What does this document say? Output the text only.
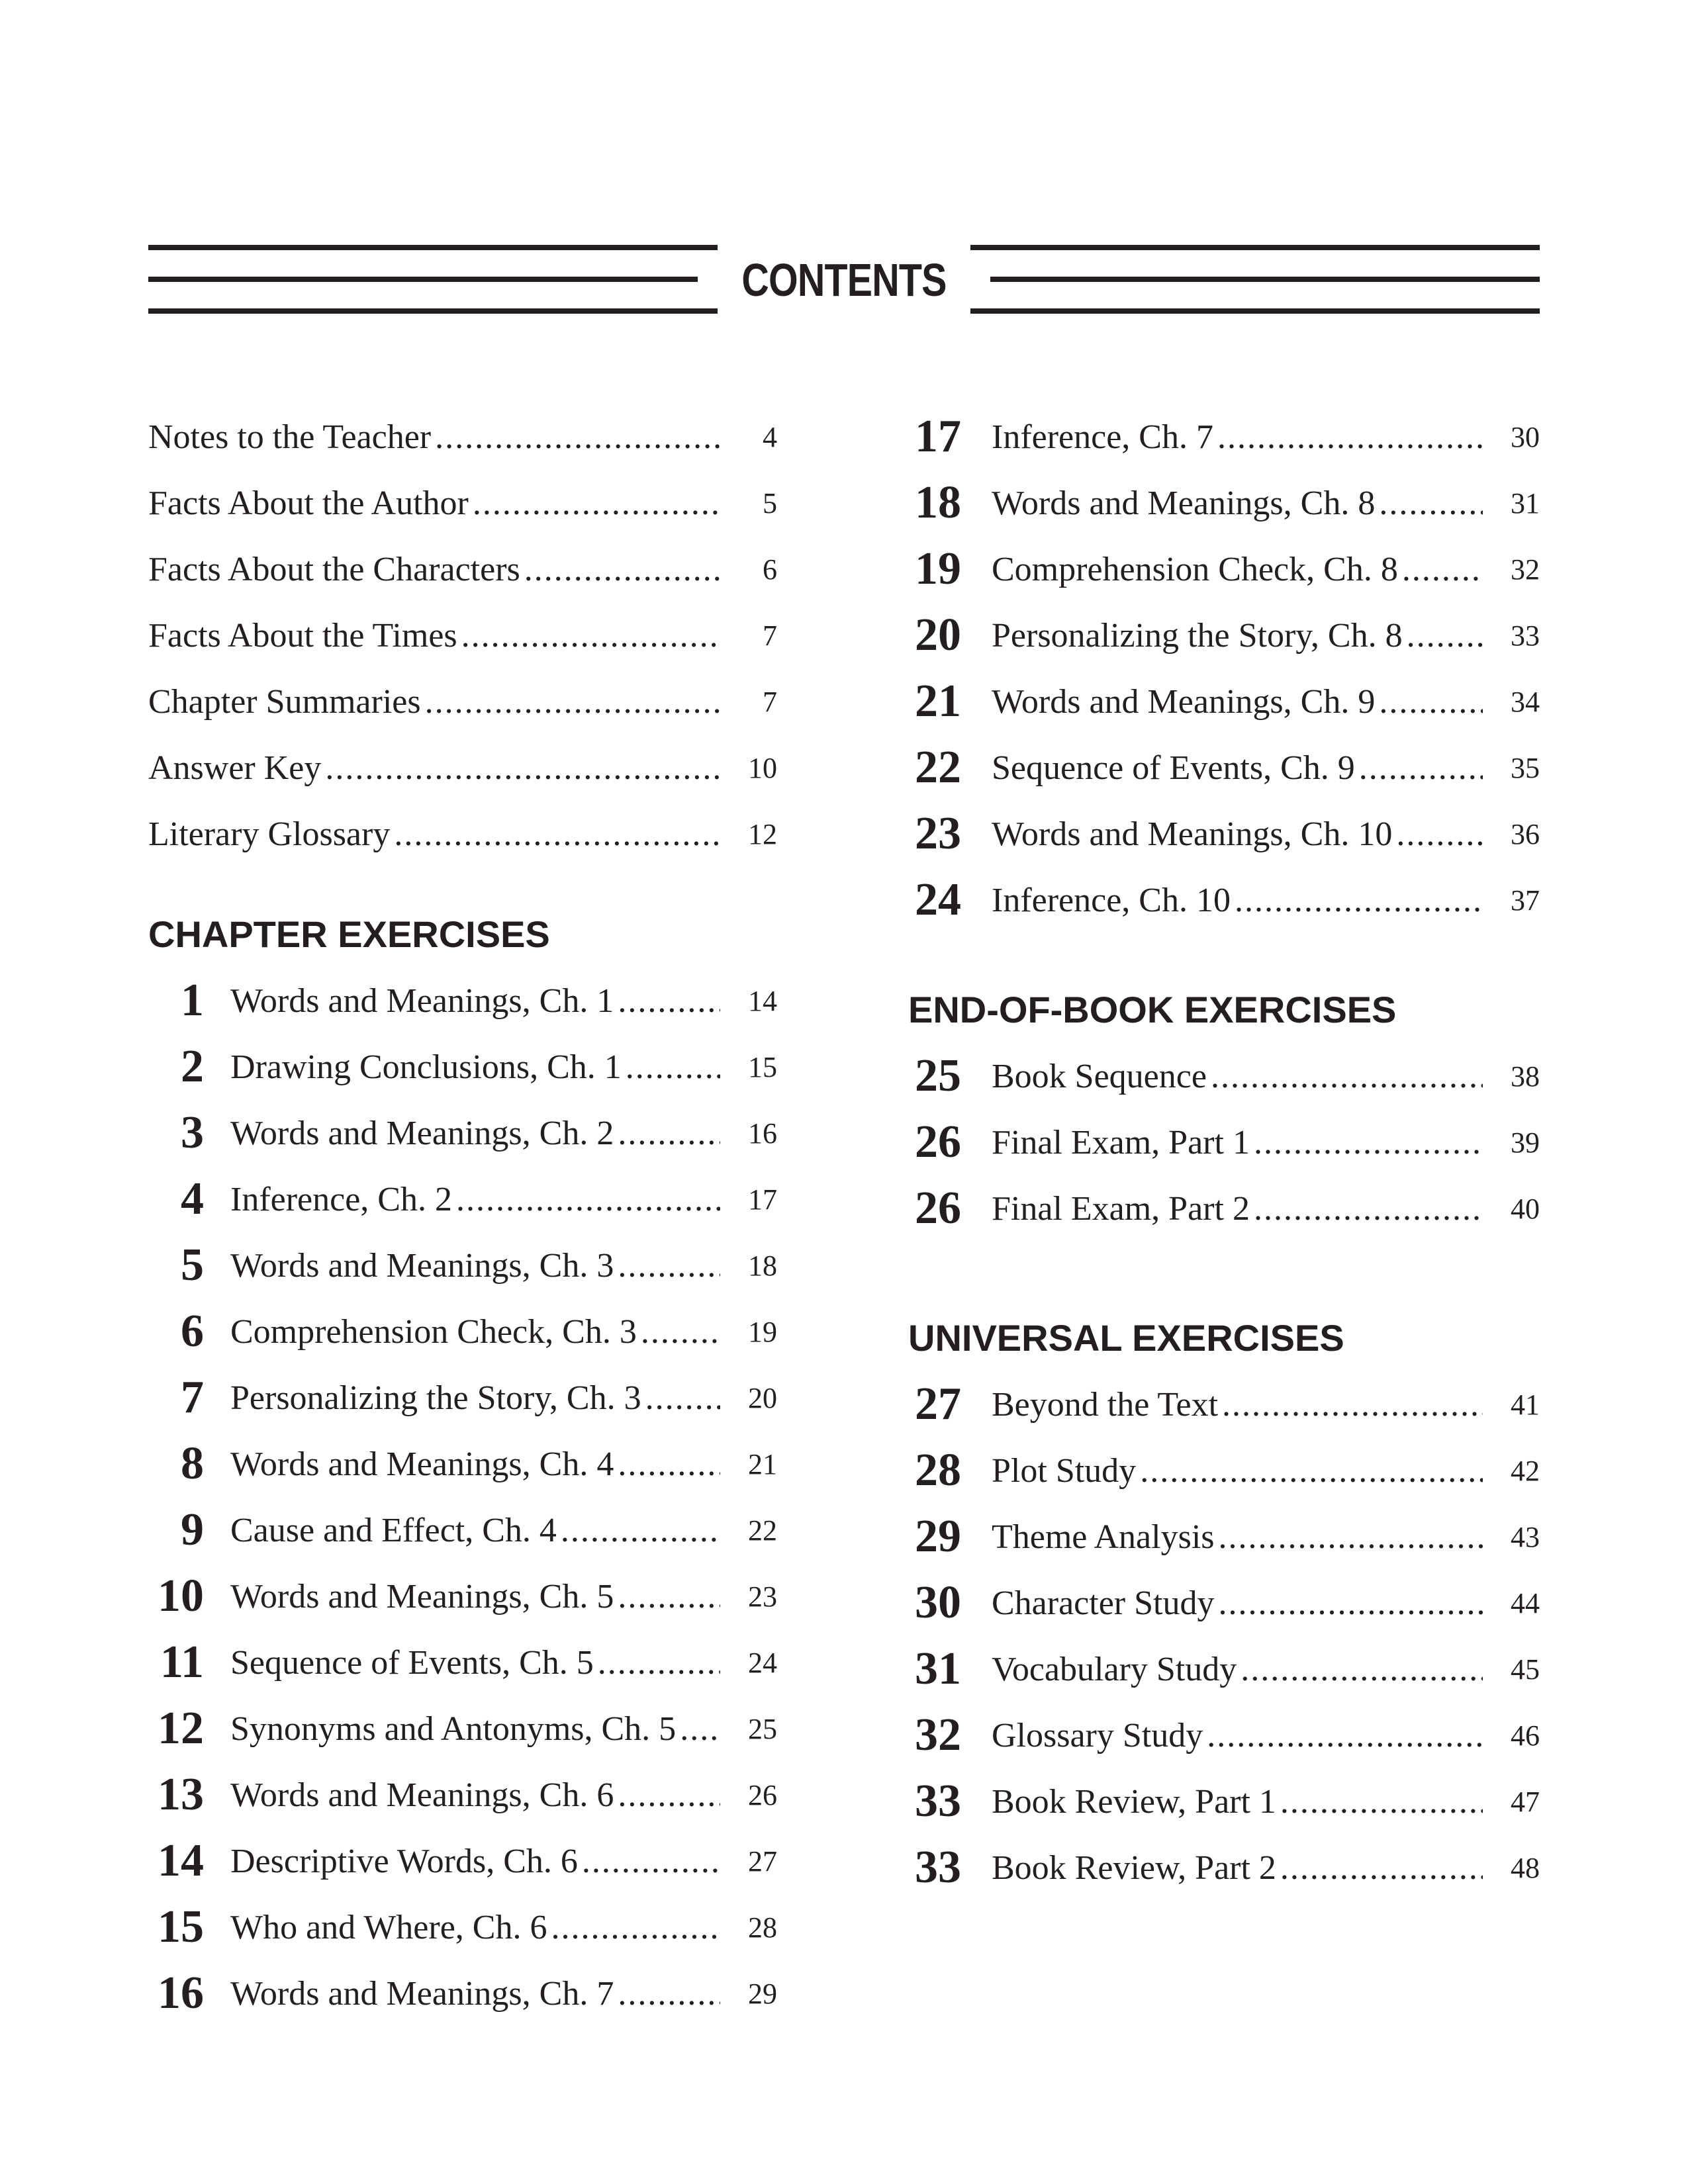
CONTENTS
Notes to the Teacher .....	4
Facts About the Author .....	5
Facts About the Characters .....	6
Facts About the Times .....	7
Chapter Summaries .....	7
Answer Key .....	10
Literary Glossary .....	12
CHAPTER EXERCISES
1 Words and Meanings, Ch. 1 .....	14
2 Drawing Conclusions, Ch. 1 .....	15
3 Words and Meanings, Ch. 2 .....	16
4 Inference, Ch. 2 .....	17
5 Words and Meanings, Ch. 3 .....	18
6 Comprehension Check, Ch. 3 .....	19
7 Personalizing the Story, Ch. 3 .....	20
8 Words and Meanings, Ch. 4 .....	21
9 Cause and Effect, Ch. 4 .....	22
10 Words and Meanings, Ch. 5 .....	23
11 Sequence of Events, Ch. 5 .....	24
12 Synonyms and Antonyms, Ch. 5 .....	25
13 Words and Meanings, Ch. 6 .....	26
14 Descriptive Words, Ch. 6 .....	27
15 Who and Where, Ch. 6 .....	28
16 Words and Meanings, Ch. 7 .....	29
17 Inference, Ch. 7 .....	30
18 Words and Meanings, Ch. 8 .....	31
19 Comprehension Check, Ch. 8 .....	32
20 Personalizing the Story, Ch. 8 .....	33
21 Words and Meanings, Ch. 9 .....	34
22 Sequence of Events, Ch. 9 .....	35
23 Words and Meanings, Ch. 10 .....	36
24 Inference, Ch. 10 .....	37
END-OF-BOOK EXERCISES
25 Book Sequence .....	38
26 Final Exam, Part 1 .....	39
26 Final Exam, Part 2 .....	40
UNIVERSAL EXERCISES
27 Beyond the Text .....	41
28 Plot Study .....	42
29 Theme Analysis .....	43
30 Character Study .....	44
31 Vocabulary Study .....	45
32 Glossary Study .....	46
33 Book Review, Part 1 .....	47
33 Book Review, Part 2 .....	48
